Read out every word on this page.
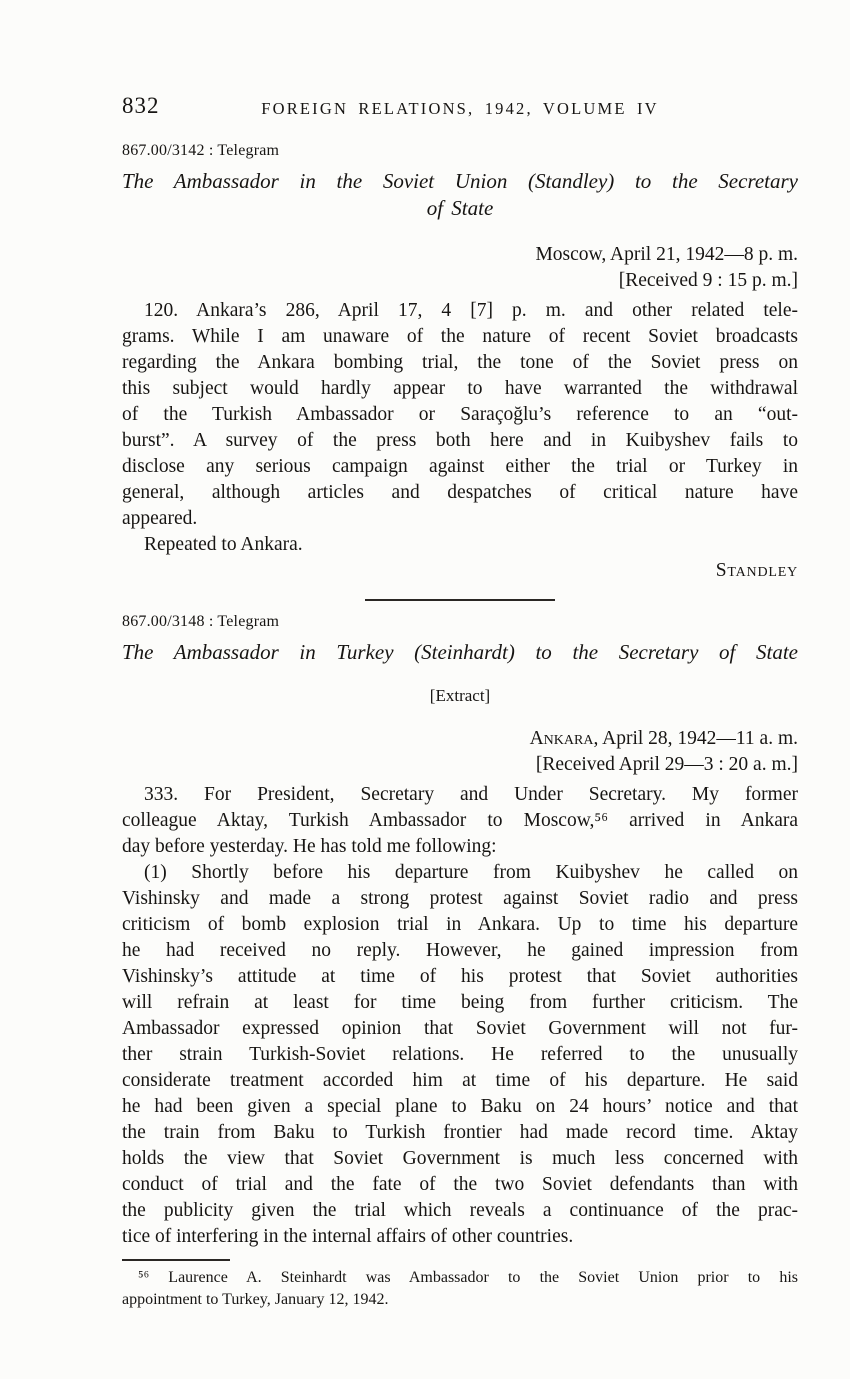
832	FOREIGN RELATIONS, 1942, VOLUME IV
867.00/3142 : Telegram
The Ambassador in the Soviet Union (Standley) to the Secretary
of State
Moscow, April 21, 1942—8 p. m.
[Received 9 : 15 p. m.]
120. Ankara’s 286, April 17, 4 [7] p. m. and other related tele-
grams. While I am unaware of the nature of recent Soviet broadcasts
regarding the Ankara bombing trial, the tone of the Soviet press on
this subject would hardly appear to have warranted the withdrawal
of the Turkish Ambassador or Saraçoğlu’s reference to an “out-
burst”. A survey of the press both here and in Kuibyshev fails to
disclose any serious campaign against either the trial or Turkey in
general, although articles and despatches of critical nature have
appeared.
Repeated to Ankara.
Standley
867.00/3148 : Telegram
The Ambassador in Turkey (Steinhardt) to the Secretary of State
[Extract]
Ankara, April 28, 1942—11 a. m.
[Received April 29—3 : 20 a. m.]
333. For President, Secretary and Under Secretary. My former
colleague Aktay, Turkish Ambassador to Moscow,⁵⁶ arrived in Ankara
day before yesterday. He has told me following:
(1) Shortly before his departure from Kuibyshev he called on
Vishinsky and made a strong protest against Soviet radio and press
criticism of bomb explosion trial in Ankara. Up to time his departure
he had received no reply. However, he gained impression from
Vishinsky’s attitude at time of his protest that Soviet authorities
will refrain at least for time being from further criticism. The
Ambassador expressed opinion that Soviet Government will not fur-
ther strain Turkish-Soviet relations. He referred to the unusually
considerate treatment accorded him at time of his departure. He said
he had been given a special plane to Baku on 24 hours’ notice and that
the train from Baku to Turkish frontier had made record time. Aktay
holds the view that Soviet Government is much less concerned with
conduct of trial and the fate of the two Soviet defendants than with
the publicity given the trial which reveals a continuance of the prac-
tice of interfering in the internal affairs of other countries.
⁵⁶ Laurence A. Steinhardt was Ambassador to the Soviet Union prior to his
appointment to Turkey, January 12, 1942.
